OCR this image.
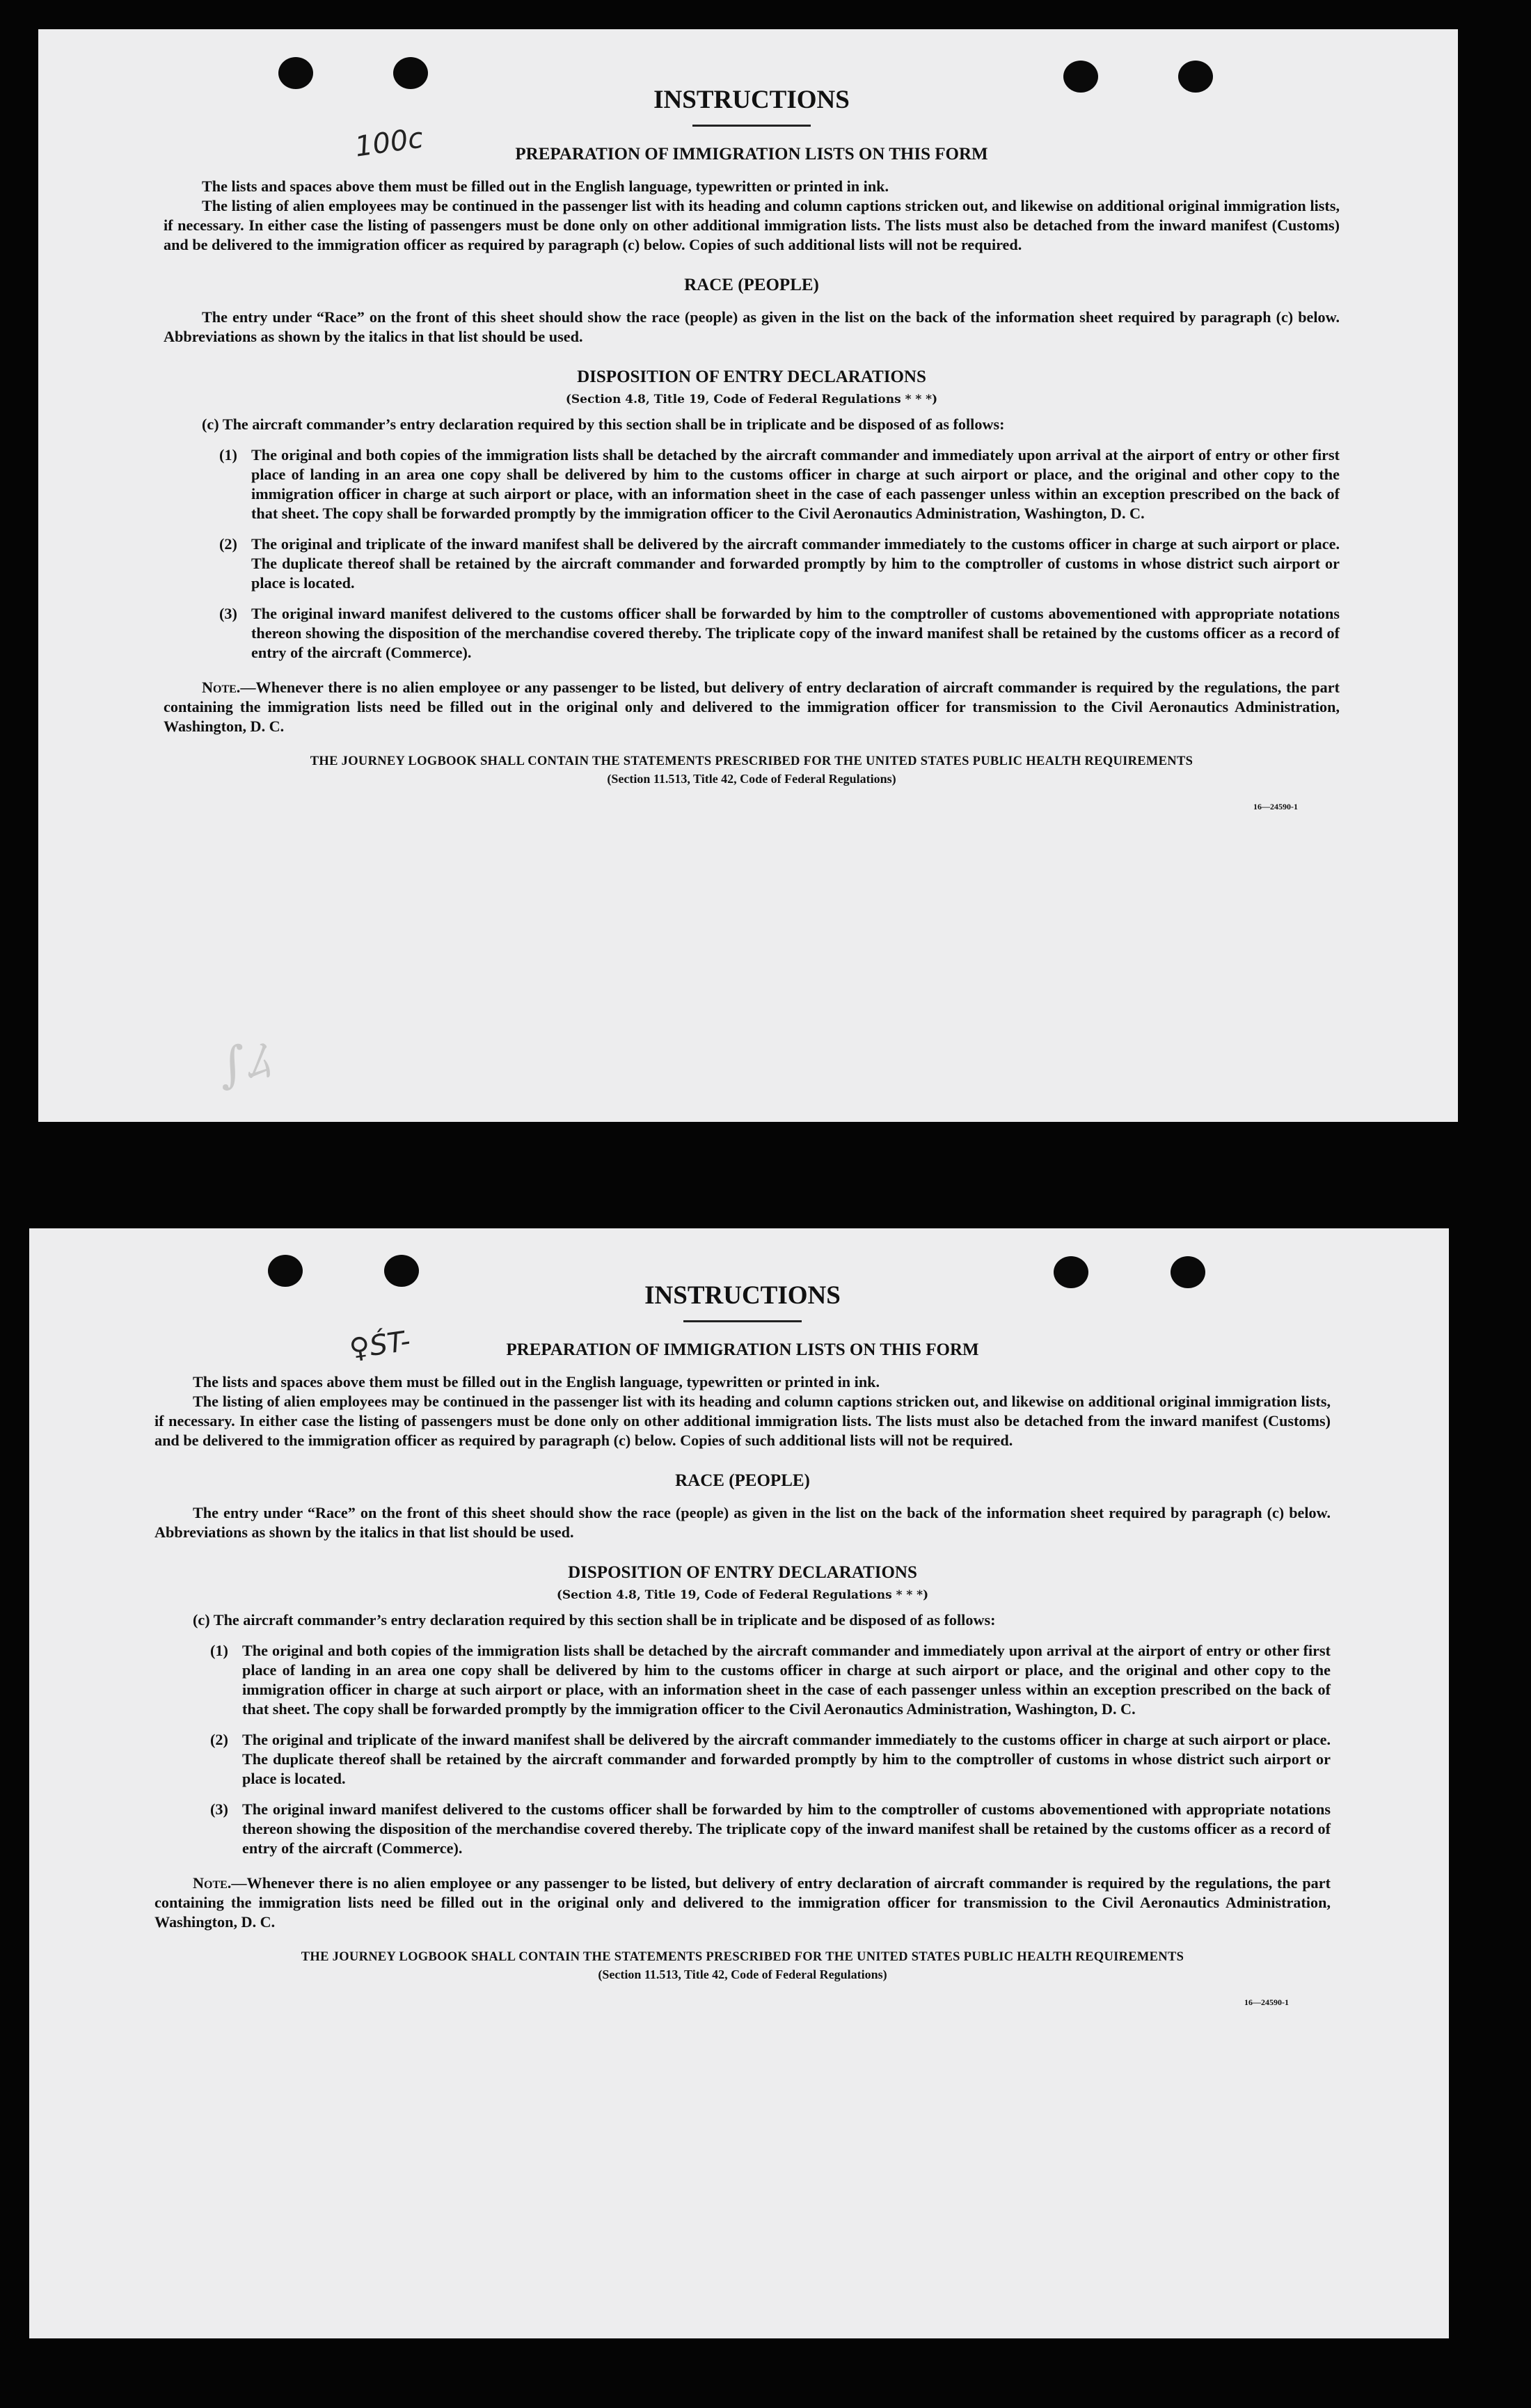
100c
∫ﾑ
INSTRUCTIONS
PREPARATION OF IMMIGRATION LISTS ON THIS FORM

The lists and spaces above them must be filled out in the English language, typewritten or printed in ink.

The listing of alien employees may be continued in the passenger list with its heading and column captions stricken out, and likewise on additional original immigration lists, if necessary. In either case the listing of passengers must be done only on other additional immigration lists. The lists must also be detached from the inward manifest (Customs) and be delivered to the immigration officer as required by paragraph (c) below. Copies of such additional lists will not be required.

RACE (PEOPLE)

The entry under “Race” on the front of this sheet should show the race (people) as given in the list on the back of the information sheet required by paragraph (c) below. Abbreviations as shown by the italics in that list should be used.

DISPOSITION OF ENTRY DECLARATIONS
(Section 4.8, Title 19, Code of Federal Regulations * * *)

(c) The aircraft commander’s entry declaration required by this section shall be in triplicate and be disposed of as follows:

(1) The original and both copies of the immigration lists shall be detached by the aircraft commander and immediately upon arrival at the airport of entry or other first place of landing in an area one copy shall be delivered by him to the customs officer in charge at such airport or place, and the original and other copy to the immigration officer in charge at such airport or place, with an information sheet in the case of each passenger unless within an exception prescribed on the back of that sheet. The copy shall be forwarded promptly by the immigration officer to the Civil Aeronautics Administration, Washington, D. C.

(2) The original and triplicate of the inward manifest shall be delivered by the aircraft commander immediately to the customs officer in charge at such airport or place. The duplicate thereof shall be retained by the aircraft commander and forwarded promptly by him to the comptroller of customs in whose district such airport or place is located.

(3) The original inward manifest delivered to the customs officer shall be forwarded by him to the comptroller of customs abovementioned with appropriate notations thereon showing the disposition of the merchandise covered thereby. The triplicate copy of the inward manifest shall be retained by the customs officer as a record of entry of the aircraft (Commerce).

Note.—Whenever there is no alien employee or any passenger to be listed, but delivery of entry declaration of aircraft commander is required by the regulations, the part containing the immigration lists need be filled out in the original only and delivered to the immigration officer for transmission to the Civil Aeronautics Administration, Washington, D. C.

THE JOURNEY LOGBOOK SHALL CONTAIN THE STATEMENTS PRESCRIBED FOR THE UNITED STATES PUBLIC HEALTH REQUIREMENTS
(Section 11.513, Title 42, Code of Federal Regulations)
16—24590-1
♀ŚT-
INSTRUCTIONS
PREPARATION OF IMMIGRATION LISTS ON THIS FORM

The lists and spaces above them must be filled out in the English language, typewritten or printed in ink.

The listing of alien employees may be continued in the passenger list with its heading and column captions stricken out, and likewise on additional original immigration lists, if necessary. In either case the listing of passengers must be done only on other additional immigration lists. The lists must also be detached from the inward manifest (Customs) and be delivered to the immigration officer as required by paragraph (c) below. Copies of such additional lists will not be required.

RACE (PEOPLE)

The entry under “Race” on the front of this sheet should show the race (people) as given in the list on the back of the information sheet required by paragraph (c) below. Abbreviations as shown by the italics in that list should be used.

DISPOSITION OF ENTRY DECLARATIONS
(Section 4.8, Title 19, Code of Federal Regulations * * *)

(c) The aircraft commander’s entry declaration required by this section shall be in triplicate and be disposed of as follows:

(1) The original and both copies of the immigration lists shall be detached by the aircraft commander and immediately upon arrival at the airport of entry or other first place of landing in an area one copy shall be delivered by him to the customs officer in charge at such airport or place, and the original and other copy to the immigration officer in charge at such airport or place, with an information sheet in the case of each passenger unless within an exception prescribed on the back of that sheet. The copy shall be forwarded promptly by the immigration officer to the Civil Aeronautics Administration, Washington, D. C.

(2) The original and triplicate of the inward manifest shall be delivered by the aircraft commander immediately to the customs officer in charge at such airport or place. The duplicate thereof shall be retained by the aircraft commander and forwarded promptly by him to the comptroller of customs in whose district such airport or place is located.

(3) The original inward manifest delivered to the customs officer shall be forwarded by him to the comptroller of customs abovementioned with appropriate notations thereon showing the disposition of the merchandise covered thereby. The triplicate copy of the inward manifest shall be retained by the customs officer as a record of entry of the aircraft (Commerce).

Note.—Whenever there is no alien employee or any passenger to be listed, but delivery of entry declaration of aircraft commander is required by the regulations, the part containing the immigration lists need be filled out in the original only and delivered to the immigration officer for transmission to the Civil Aeronautics Administration, Washington, D. C.

THE JOURNEY LOGBOOK SHALL CONTAIN THE STATEMENTS PRESCRIBED FOR THE UNITED STATES PUBLIC HEALTH REQUIREMENTS
(Section 11.513, Title 42, Code of Federal Regulations)
16—24590-1
